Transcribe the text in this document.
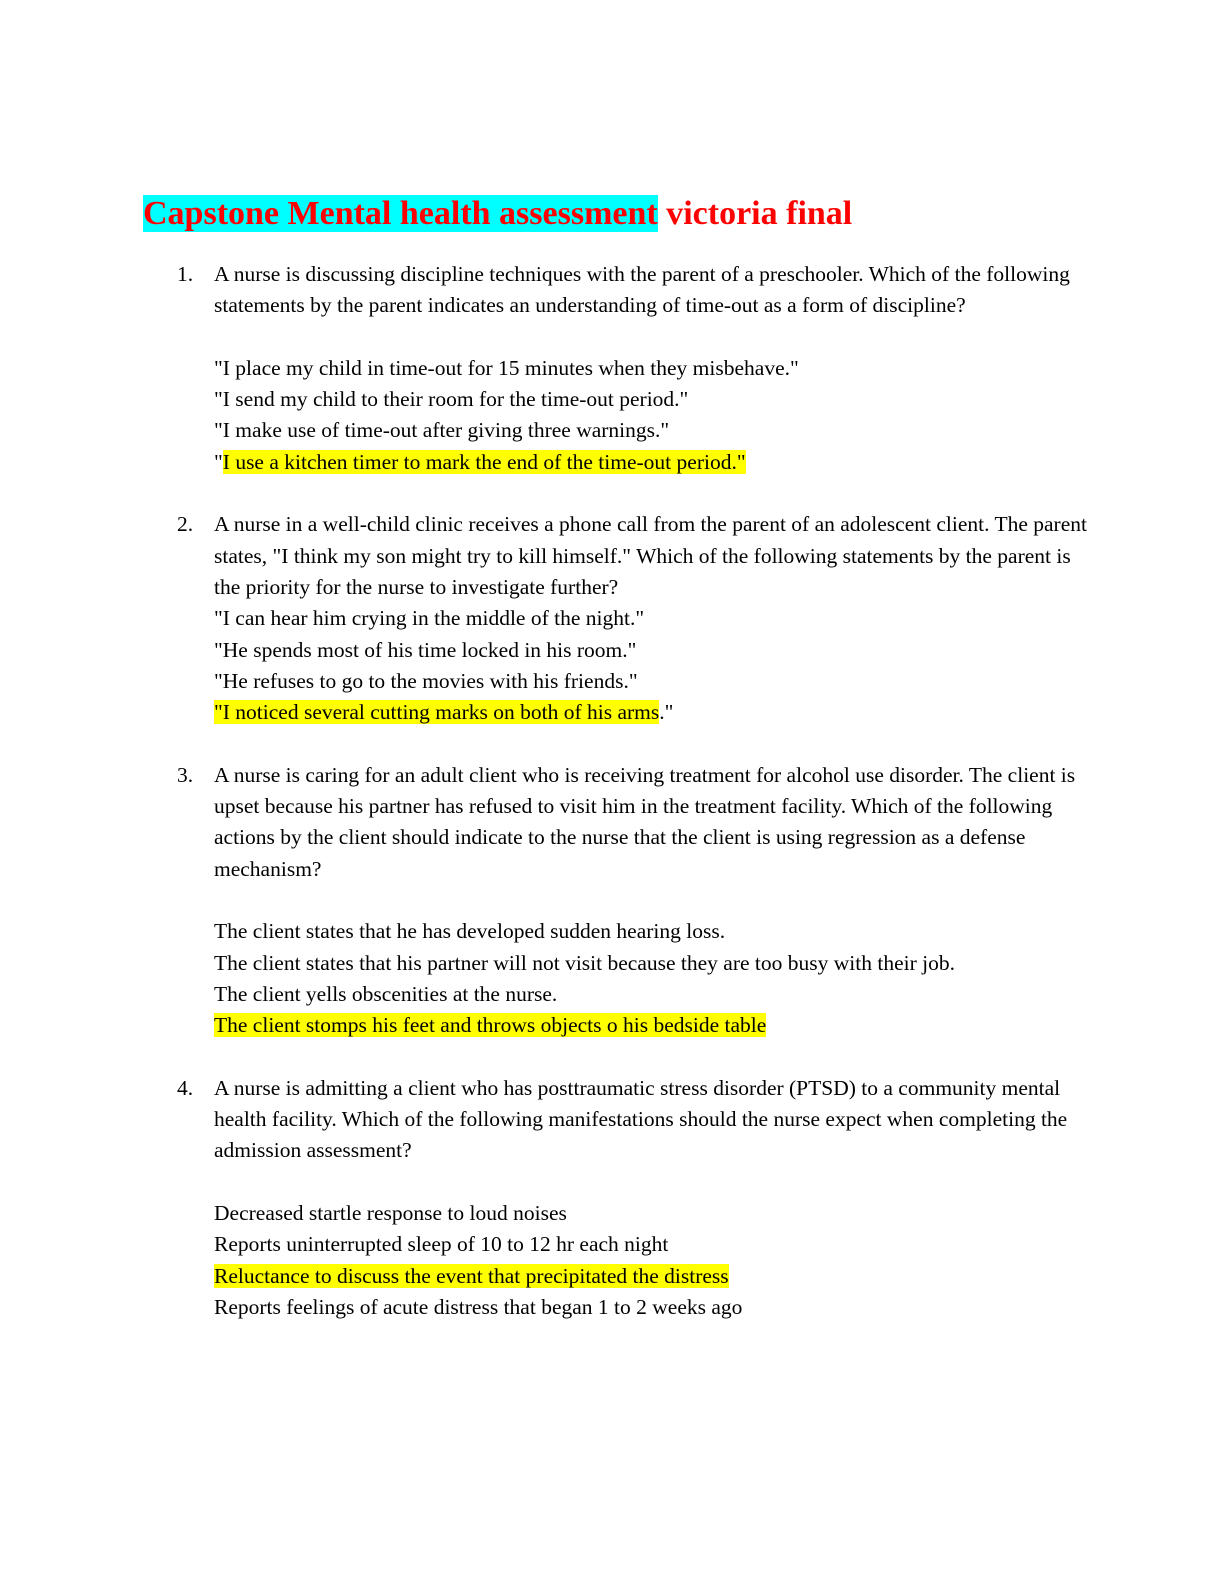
Capstone Mental health assessment victoria final
1. A nurse is discussing discipline techniques with the parent of a preschooler. Which of the following statements by the parent indicates an understanding of time-out as a form of discipline?
"I place my child in time-out for 15 minutes when they misbehave."
"I send my child to their room for the time-out period."
"I make use of time-out after giving three warnings."
"I use a kitchen timer to mark the end of the time-out period."
2. A nurse in a well-child clinic receives a phone call from the parent of an adolescent client. The parent states, "I think my son might try to kill himself." Which of the following statements by the parent is the priority for the nurse to investigate further?
"I can hear him crying in the middle of the night."
"He spends most of his time locked in his room."
"He refuses to go to the movies with his friends."
"I noticed several cutting marks on both of his arms."
3. A nurse is caring for an adult client who is receiving treatment for alcohol use disorder. The client is upset because his partner has refused to visit him in the treatment facility. Which of the following actions by the client should indicate to the nurse that the client is using regression as a defense mechanism?
The client states that he has developed sudden hearing loss.
The client states that his partner will not visit because they are too busy with their job.
The client yells obscenities at the nurse.
The client stomps his feet and throws objects o his bedside table
4. A nurse is admitting a client who has posttraumatic stress disorder (PTSD) to a community mental health facility. Which of the following manifestations should the nurse expect when completing the admission assessment?
Decreased startle response to loud noises
Reports uninterrupted sleep of 10 to 12 hr each night
Reluctance to discuss the event that precipitated the distress
Reports feelings of acute distress that began 1 to 2 weeks ago
